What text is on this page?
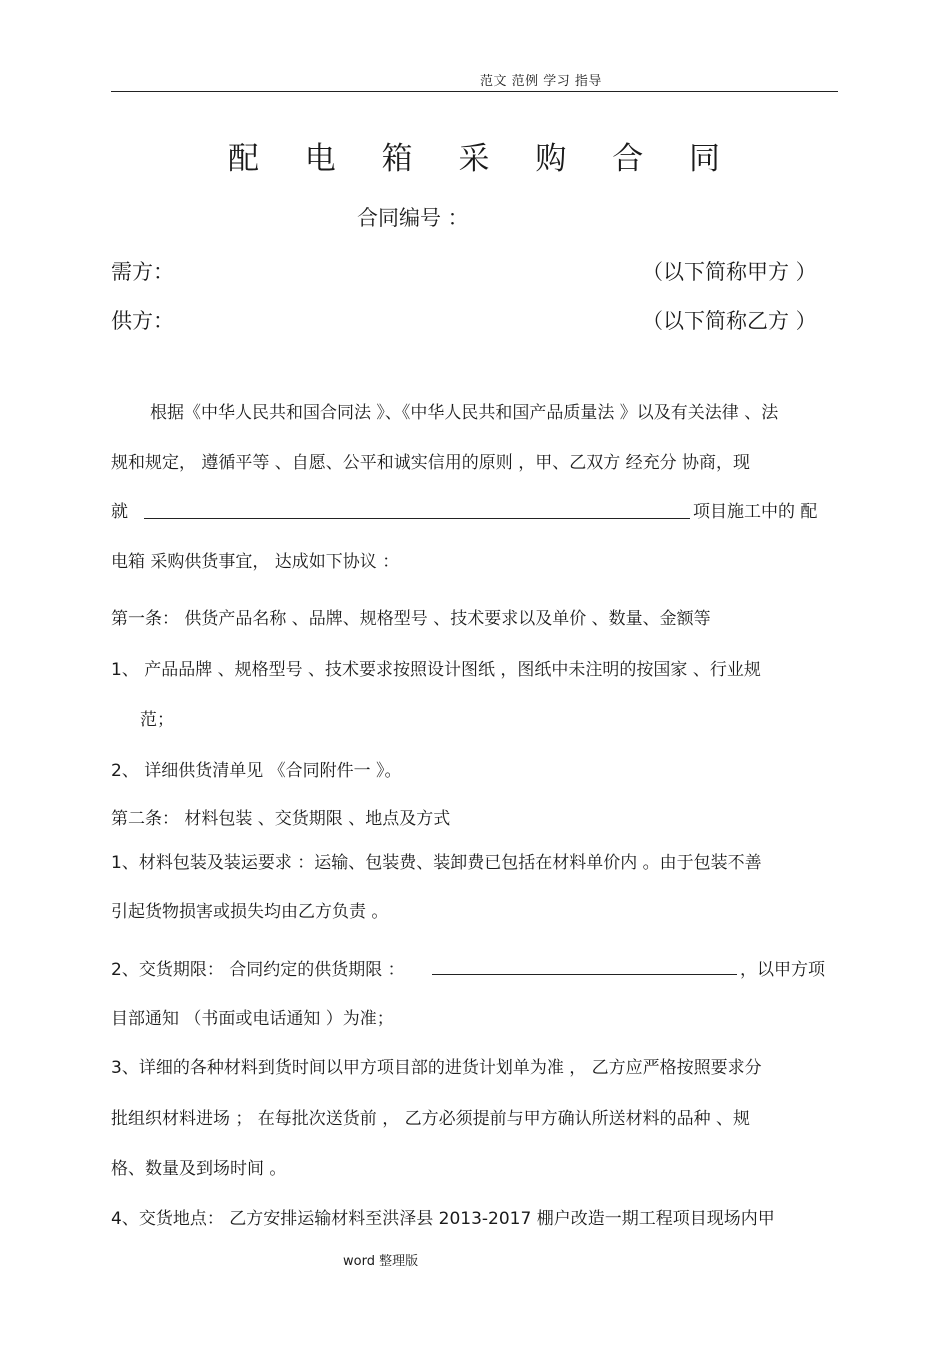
范文 范例 学习 指导
配 电 箱 采 购 合 同
合同编号 ：
需方：	（以下简称甲方 ）
供方：	（以下简称乙方 ）
根据《中华人民共和国合同法 》、《中华人民共和国产品质量法 》以及有关法律 、法
规和规定， 遵循平等 、自愿、公平和诚实信用的原则 ，甲、乙双方 经充分 协商，现
就	项目施工中的 配
电箱 采购供货事宜， 达成如下协议 ：
第一条： 供货产品名称 、品牌、规格型号 、技术要求以及单价 、数量、金额等
1、 产品品牌 、规格型号 、技术要求按照设计图纸 ，图纸中未注明的按国家 、行业规
范；
2、 详细供货清单见 《合同附件一 》。
第二条： 材料包装 、交货期限 、地点及方式
1、材料包装及装运要求 ：运输、包装费、装卸费已包括在材料单价内 。由于包装不善
引起货物损害或损失均由乙方负责 。
2、交货期限： 合同约定的供货期限 ：	，以甲方项
目部通知 （书面或电话通知 ）为准；
3、详细的各种材料到货时间以甲方项目部的进货计划单为准 ， 乙方应严格按照要求分
批组织材料进场 ； 在每批次送货前 ， 乙方必须提前与甲方确认所送材料的品种 、规
格、数量及到场时间 。
4、交货地点： 乙方安排运输材料至洪泽县 2013-2017 棚户改造一期工程项目现场内甲
word 整理版
